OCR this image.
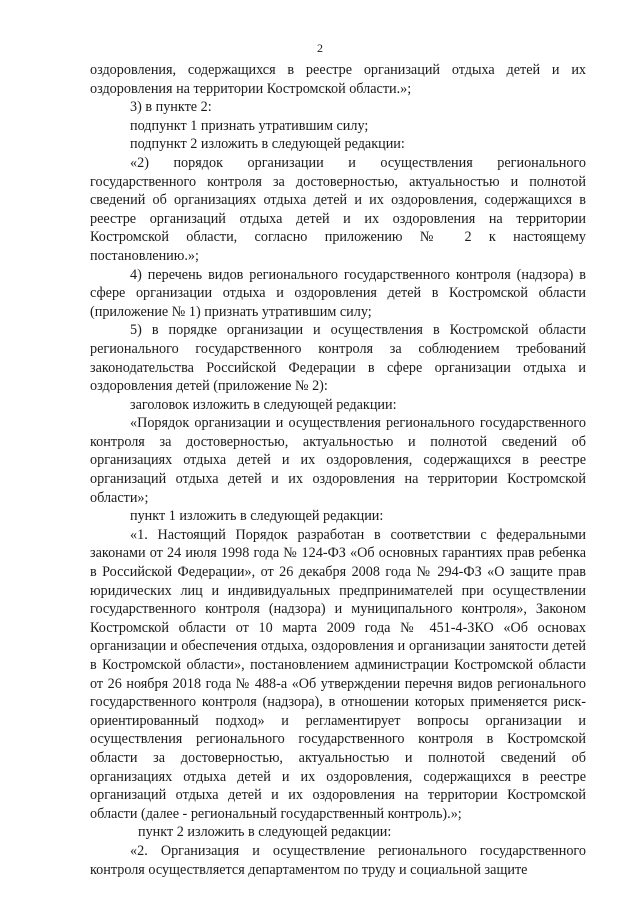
2

оздоровления, содержащихся в реестре организаций отдыха детей и их оздоровления на территории Костромской области.»;

3) в пункте 2:

подпункт 1 признать утратившим силу;

подпункт 2 изложить в следующей редакции:

«2) порядок организации и осуществления регионального государственного контроля за достоверностью, актуальностью и полнотой сведений об организациях отдыха детей и их оздоровления, содержащихся в реестре организаций отдыха детей и их оздоровления на территории Костромской области, согласно приложению № 2 к настоящему постановлению.»;

4) перечень видов регионального государственного контроля (надзора) в сфере организации отдыха и оздоровления детей в Костромской области (приложение № 1) признать утратившим силу;

5) в порядке организации и осуществления в Костромской области регионального государственного контроля за соблюдением требований законодательства Российской Федерации в сфере организации отдыха и оздоровления детей (приложение № 2):

заголовок изложить в следующей редакции:

«Порядок организации и осуществления регионального государственного контроля за достоверностью, актуальностью и полнотой сведений об организациях отдыха детей и их оздоровления, содержащихся в реестре организаций отдыха детей и их оздоровления на территории Костромской области»;

пункт 1 изложить в следующей редакции:

«1. Настоящий Порядок разработан в соответствии с федеральными законами от 24 июля 1998 года № 124-ФЗ «Об основных гарантиях прав ребенка в Российской Федерации», от 26 декабря 2008 года № 294-ФЗ «О защите прав юридических лиц и индивидуальных предпринимателей при осуществлении государственного контроля (надзора) и муниципального контроля», Законом Костромской области от 10 марта 2009 года № 451-4-ЗКО «Об основах организации и обеспечения отдыха, оздоровления и организации занятости детей в Костромской области», постановлением администрации Костромской области от 26 ноября 2018 года № 488-а «Об утверждении перечня видов регионального государственного контроля (надзора), в отношении которых применяется риск-ориентированный подход» и регламентирует вопросы организации и осуществления регионального государственного контроля в Костромской области за достоверностью, актуальностью и полнотой сведений об организациях отдыха детей и их оздоровления, содержащихся в реестре организаций отдыха детей и их оздоровления на территории Костромской области (далее - региональный государственный контроль).»;

пункт 2 изложить в следующей редакции:

«2. Организация и осуществление регионального государственного контроля осуществляется департаментом по труду и социальной защите
